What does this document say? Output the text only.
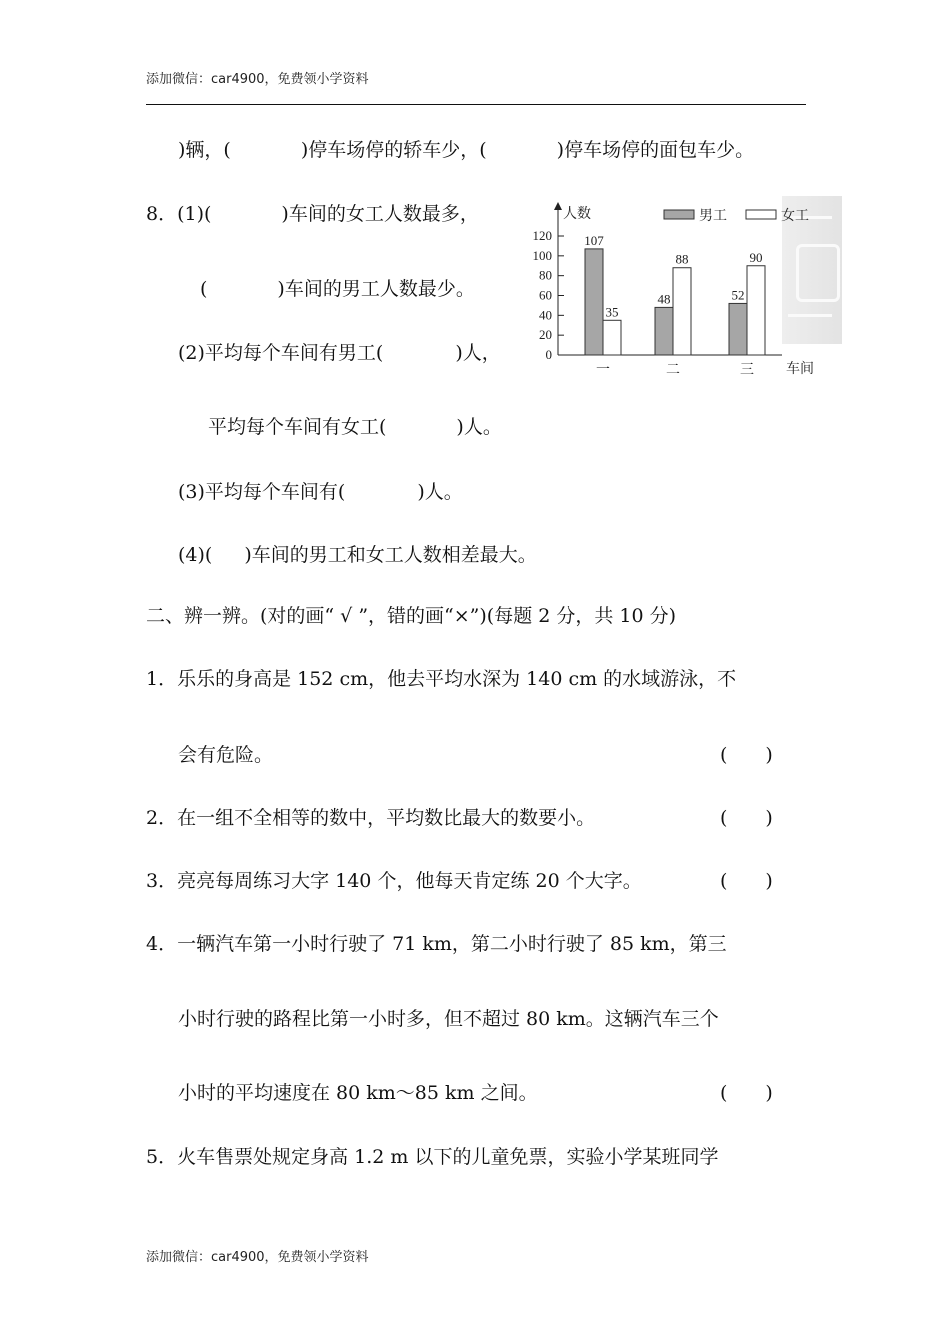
添加微信：car4900，免费领小学资料
)辆，(	)停车场停的轿车少，(	)停车场停的面包车少。
8．(1)(	)车间的女工人数最多，
(	)车间的男工人数最少。
(2)平均每个车间有男工(	)人，
平均每个车间有女工(	)人。
(3)平均每个车间有(	)人。
(4)( )车间的男工和女工人数相差最大。
人数
车间
0
20
40
60
80
100
120 107
35
一
48
88
二
52
90
三
男工	女工
二、辨一辨。(对的画“ √ ”，错的画“×”)(每题 2 分，共 10 分)
1．乐乐的身高是 152 cm，他去平均水深为 140 cm 的水域游泳，不
会有危险。	(　　)
2．在一组不全相等的数中，平均数比最大的数要小。	(　　)
3．亮亮每周练习大字 140 个，他每天肯定练 20 个大字。	(　　)
4．一辆汽车第一小时行驶了 71 km，第二小时行驶了 85 km，第三
小时行驶的路程比第一小时多，但不超过 80 km。这辆汽车三个
小时的平均速度在 80 km～85 km 之间。	(　　)
5．火车售票处规定身高 1.2 m 以下的儿童免票，实验小学某班同学
添加微信：car4900，免费领小学资料
